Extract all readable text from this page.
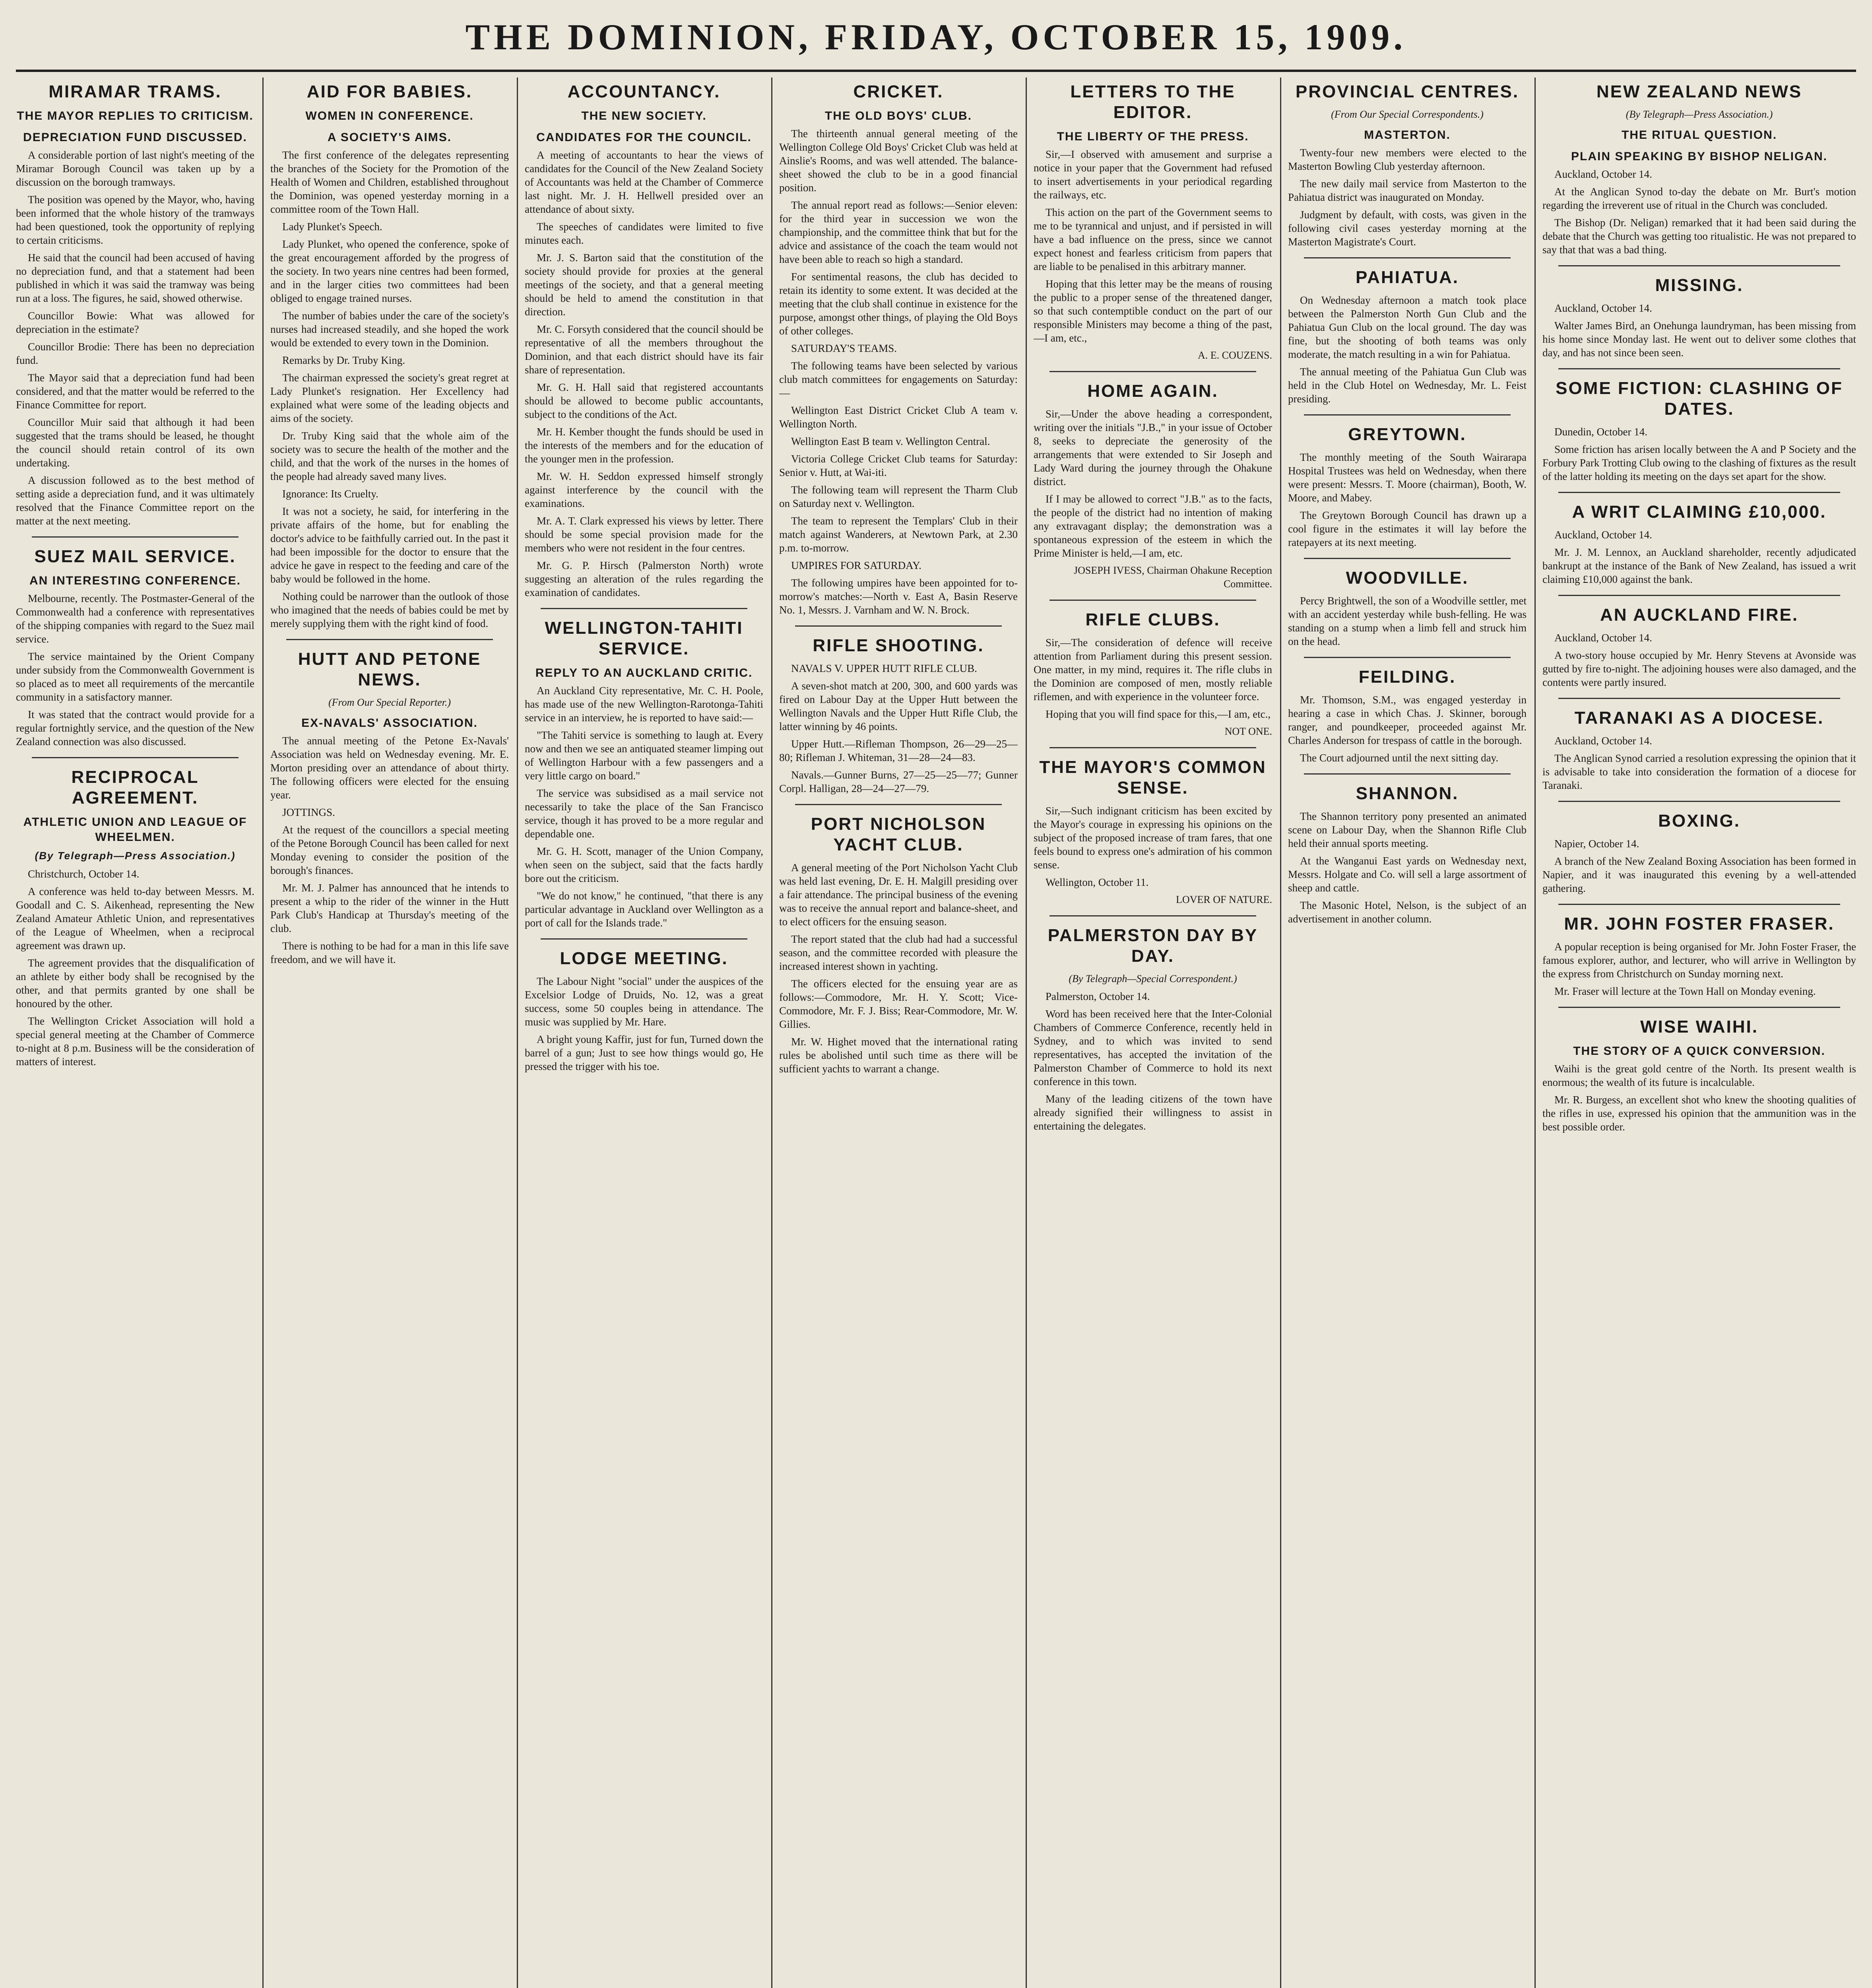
THE DOMINION, FRIDAY, OCTOBER 15, 1909.
MIRAMAR TRAMS.
THE MAYOR REPLIES TO CRITICISM.
DEPRECIATION FUND DISCUSSED.

A considerable portion of last night's meeting of the Miramar Borough Council was taken up by a discussion on the borough tramways.

The position was opened by the Mayor, who, having been informed that the whole history of the tramways had been questioned, took the opportunity of replying to certain criticisms.

He said that the council had been accused of having no depreciation fund, and that a statement had been published in which it was said the tramway was being run at a loss. The figures, he said, showed otherwise.

Councillor Bowie: What was allowed for depreciation in the estimate?

Councillor Brodie: There has been no depreciation fund.

The Mayor said that a depreciation fund had been considered, and that the matter would be referred to the Finance Committee for report.

Councillor Muir said that although it had been suggested that the trams should be leased, he thought the council should retain control of its own undertaking.

A discussion followed as to the best method of setting aside a depreciation fund, and it was ultimately resolved that the Finance Committee report on the matter at the next meeting.

SUEZ MAIL SERVICE.
AN INTERESTING CONFERENCE.

Melbourne, recently. The Postmaster-General of the Commonwealth had a conference with representatives of the shipping companies with regard to the Suez mail service.

The service maintained by the Orient Company under subsidy from the Commonwealth Government is so placed as to meet all requirements of the mercantile community in a satisfactory manner.

It was stated that the contract would provide for a regular fortnightly service, and the question of the New Zealand connection was also discussed.

RECIPROCAL AGREEMENT.
ATHLETIC UNION AND LEAGUE OF WHEELMEN.
(By Telegraph—Press Association.)

Christchurch, October 14.

A conference was held to-day between Messrs. M. Goodall and C. S. Aikenhead, representing the New Zealand Amateur Athletic Union, and representatives of the League of Wheelmen, when a reciprocal agreement was drawn up.

The agreement provides that the disqualification of an athlete by either body shall be recognised by the other, and that permits granted by one shall be honoured by the other.

The Wellington Cricket Association will hold a special general meeting at the Chamber of Commerce to-night at 8 p.m. Business will be the consideration of matters of interest.

AID FOR BABIES.
WOMEN IN CONFERENCE.
A SOCIETY'S AIMS.

The first conference of the delegates representing the branches of the Society for the Promotion of the Health of Women and Children, established throughout the Dominion, was opened yesterday morning in a committee room of the Town Hall.

Lady Plunket's Speech.

Lady Plunket, who opened the conference, spoke of the great encouragement afforded by the progress of the society. In two years nine centres had been formed, and in the larger cities two committees had been obliged to engage trained nurses.

The number of babies under the care of the society's nurses had increased steadily, and she hoped the work would be extended to every town in the Dominion.

Remarks by Dr. Truby King.

The chairman expressed the society's great regret at Lady Plunket's resignation. Her Excellency had explained what were some of the leading objects and aims of the society.

Dr. Truby King said that the whole aim of the society was to secure the health of the mother and the child, and that the work of the nurses in the homes of the people had already saved many lives.

Ignorance: Its Cruelty.

It was not a society, he said, for interfering in the private affairs of the home, but for enabling the doctor's advice to be faithfully carried out. In the past it had been impossible for the doctor to ensure that the advice he gave in respect to the feeding and care of the baby would be followed in the home.

Nothing could be narrower than the outlook of those who imagined that the needs of babies could be met by merely supplying them with the right kind of food.

HUTT AND PETONE NEWS.
(From Our Special Reporter.)
EX-NAVALS' ASSOCIATION.

The annual meeting of the Petone Ex-Navals' Association was held on Wednesday evening. Mr. E. Morton presiding over an attendance of about thirty. The following officers were elected for the ensuing year.

JOTTINGS.

At the request of the councillors a special meeting of the Petone Borough Council has been called for next Monday evening to consider the position of the borough's finances.

Mr. M. J. Palmer has announced that he intends to present a whip to the rider of the winner in the Hutt Park Club's Handicap at Thursday's meeting of the club.

There is nothing to be had for a man in this life save freedom, and we will have it.

ACCOUNTANCY.
THE NEW SOCIETY.
CANDIDATES FOR THE COUNCIL.

A meeting of accountants to hear the views of candidates for the Council of the New Zealand Society of Accountants was held at the Chamber of Commerce last night. Mr. J. H. Hellwell presided over an attendance of about sixty.

The speeches of candidates were limited to five minutes each.

Mr. J. S. Barton said that the constitution of the society should provide for proxies at the general meetings of the society, and that a general meeting should be held to amend the constitution in that direction.

Mr. C. Forsyth considered that the council should be representative of all the members throughout the Dominion, and that each district should have its fair share of representation.

Mr. G. H. Hall said that registered accountants should be allowed to become public accountants, subject to the conditions of the Act.

Mr. H. Kember thought the funds should be used in the interests of the members and for the education of the younger men in the profession.

Mr. W. H. Seddon expressed himself strongly against interference by the council with the examinations.

Mr. A. T. Clark expressed his views by letter. There should be some special provision made for the members who were not resident in the four centres.

Mr. G. P. Hirsch (Palmerston North) wrote suggesting an alteration of the rules regarding the examination of candidates.

WELLINGTON-TAHITI SERVICE.
REPLY TO AN AUCKLAND CRITIC.

An Auckland City representative, Mr. C. H. Poole, has made use of the new Wellington-Rarotonga-Tahiti service in an interview, he is reported to have said:—

"The Tahiti service is something to laugh at. Every now and then we see an antiquated steamer limping out of Wellington Harbour with a few passengers and a very little cargo on board."

The service was subsidised as a mail service not necessarily to take the place of the San Francisco service, though it has proved to be a more regular and dependable one.

Mr. G. H. Scott, manager of the Union Company, when seen on the subject, said that the facts hardly bore out the criticism.

"We do not know," he continued, "that there is any particular advantage in Auckland over Wellington as a port of call for the Islands trade."

LODGE MEETING.

The Labour Night "social" under the auspices of the Excelsior Lodge of Druids, No. 12, was a great success, some 50 couples being in attendance. The music was supplied by Mr. Hare.

A bright young Kaffir, just for fun, Turned down the barrel of a gun; Just to see how things would go, He pressed the trigger with his toe.

CRICKET.
THE OLD BOYS' CLUB.

The thirteenth annual general meeting of the Wellington College Old Boys' Cricket Club was held at Ainslie's Rooms, and was well attended. The balance-sheet showed the club to be in a good financial position.

The annual report read as follows:—Senior eleven: for the third year in succession we won the championship, and the committee think that but for the advice and assistance of the coach the team would not have been able to reach so high a standard.

For sentimental reasons, the club has decided to retain its identity to some extent. It was decided at the meeting that the club shall continue in existence for the purpose, amongst other things, of playing the Old Boys of other colleges.

SATURDAY'S TEAMS.

The following teams have been selected by various club match committees for engagements on Saturday:—

Wellington East District Cricket Club A team v. Wellington North.

Wellington East B team v. Wellington Central.

Victoria College Cricket Club teams for Saturday: Senior v. Hutt, at Wai-iti.

The following team will represent the Tharm Club on Saturday next v. Wellington.

The team to represent the Templars' Club in their match against Wanderers, at Newtown Park, at 2.30 p.m. to-morrow.

UMPIRES FOR SATURDAY.

The following umpires have been appointed for to-morrow's matches:—North v. East A, Basin Reserve No. 1, Messrs. J. Varnham and W. N. Brock.

RIFLE SHOOTING.

NAVALS V. UPPER HUTT RIFLE CLUB.

A seven-shot match at 200, 300, and 600 yards was fired on Labour Day at the Upper Hutt between the Wellington Navals and the Upper Hutt Rifle Club, the latter winning by 46 points.

Upper Hutt.—Rifleman Thompson, 26—29—25—80; Rifleman J. Whiteman, 31—28—24—83.

Navals.—Gunner Burns, 27—25—25—77; Gunner Corpl. Halligan, 28—24—27—79.

PORT NICHOLSON YACHT CLUB.

A general meeting of the Port Nicholson Yacht Club was held last evening, Dr. E. H. Malgill presiding over a fair attendance. The principal business of the evening was to receive the annual report and balance-sheet, and to elect officers for the ensuing season.

The report stated that the club had had a successful season, and the committee recorded with pleasure the increased interest shown in yachting.

The officers elected for the ensuing year are as follows:—Commodore, Mr. H. Y. Scott; Vice-Commodore, Mr. F. J. Biss; Rear-Commodore, Mr. W. Gillies.

Mr. W. Highet moved that the international rating rules be abolished until such time as there will be sufficient yachts to warrant a change.

LETTERS TO THE EDITOR.
THE LIBERTY OF THE PRESS.

Sir,—I observed with amusement and surprise a notice in your paper that the Government had refused to insert advertisements in your periodical regarding the railways, etc.

This action on the part of the Government seems to me to be tyrannical and unjust, and if persisted in will have a bad influence on the press, since we cannot expect honest and fearless criticism from papers that are liable to be penalised in this arbitrary manner.

Hoping that this letter may be the means of rousing the public to a proper sense of the threatened danger, so that such contemptible conduct on the part of our responsible Ministers may become a thing of the past,—I am, etc.,

A. E. COUZENS.
HOME AGAIN.

Sir,—Under the above heading a correspondent, writing over the initials "J.B.," in your issue of October 8, seeks to depreciate the generosity of the arrangements that were extended to Sir Joseph and Lady Ward during the journey through the Ohakune district.

If I may be allowed to correct "J.B." as to the facts, the people of the district had no intention of making any extravagant display; the demonstration was a spontaneous expression of the esteem in which the Prime Minister is held,—I am, etc.

JOSEPH IVESS, Chairman Ohakune Reception Committee.
RIFLE CLUBS.

Sir,—The consideration of defence will receive attention from Parliament during this present session. One matter, in my mind, requires it. The rifle clubs in the Dominion are composed of men, mostly reliable riflemen, and with experience in the volunteer force.

Hoping that you will find space for this,—I am, etc.,

NOT ONE.
THE MAYOR'S COMMON SENSE.

Sir,—Such indignant criticism has been excited by the Mayor's courage in expressing his opinions on the subject of the proposed increase of tram fares, that one feels bound to express one's admiration of his common sense.

Wellington, October 11.

LOVER OF NATURE.
PALMERSTON DAY BY DAY.
(By Telegraph—Special Correspondent.)

Palmerston, October 14.

Word has been received here that the Inter-Colonial Chambers of Commerce Conference, recently held in Sydney, and to which was invited to send representatives, has accepted the invitation of the Palmerston Chamber of Commerce to hold its next conference in this town.

Many of the leading citizens of the town have already signified their willingness to assist in entertaining the delegates.

PROVINCIAL CENTRES.
(From Our Special Correspondents.)
MASTERTON.

Twenty-four new members were elected to the Masterton Bowling Club yesterday afternoon.

The new daily mail service from Masterton to the Pahiatua district was inaugurated on Monday.

Judgment by default, with costs, was given in the following civil cases yesterday morning at the Masterton Magistrate's Court.

PAHIATUA.

On Wednesday afternoon a match took place between the Palmerston North Gun Club and the Pahiatua Gun Club on the local ground. The day was fine, but the shooting of both teams was only moderate, the match resulting in a win for Pahiatua.

The annual meeting of the Pahiatua Gun Club was held in the Club Hotel on Wednesday, Mr. L. Feist presiding.

GREYTOWN.

The monthly meeting of the South Wairarapa Hospital Trustees was held on Wednesday, when there were present: Messrs. T. Moore (chairman), Booth, W. Moore, and Mabey.

The Greytown Borough Council has drawn up a cool figure in the estimates it will lay before the ratepayers at its next meeting.

WOODVILLE.

Percy Brightwell, the son of a Woodville settler, met with an accident yesterday while bush-felling. He was standing on a stump when a limb fell and struck him on the head.

FEILDING.

Mr. Thomson, S.M., was engaged yesterday in hearing a case in which Chas. J. Skinner, borough ranger, and poundkeeper, proceeded against Mr. Charles Anderson for trespass of cattle in the borough.

The Court adjourned until the next sitting day.

SHANNON.

The Shannon territory pony presented an animated scene on Labour Day, when the Shannon Rifle Club held their annual sports meeting.

At the Wanganui East yards on Wednesday next, Messrs. Holgate and Co. will sell a large assortment of sheep and cattle.

The Masonic Hotel, Nelson, is the subject of an advertisement in another column.

NEW ZEALAND NEWS
(By Telegraph—Press Association.)
THE RITUAL QUESTION.
PLAIN SPEAKING BY BISHOP NELIGAN.

Auckland, October 14.

At the Anglican Synod to-day the debate on Mr. Burt's motion regarding the irreverent use of ritual in the Church was concluded.

The Bishop (Dr. Neligan) remarked that it had been said during the debate that the Church was getting too ritualistic. He was not prepared to say that that was a bad thing.

MISSING.

Auckland, October 14.

Walter James Bird, an Onehunga laundryman, has been missing from his home since Monday last. He went out to deliver some clothes that day, and has not since been seen.

SOME FICTION: CLASHING OF DATES.

Dunedin, October 14.

Some friction has arisen locally between the A and P Society and the Forbury Park Trotting Club owing to the clashing of fixtures as the result of the latter holding its meeting on the days set apart for the show.

A WRIT CLAIMING £10,000.

Auckland, October 14.

Mr. J. M. Lennox, an Auckland shareholder, recently adjudicated bankrupt at the instance of the Bank of New Zealand, has issued a writ claiming £10,000 against the bank.

AN AUCKLAND FIRE.

Auckland, October 14.

A two-story house occupied by Mr. Henry Stevens at Avonside was gutted by fire to-night. The adjoining houses were also damaged, and the contents were partly insured.

TARANAKI AS A DIOCESE.

Auckland, October 14.

The Anglican Synod carried a resolution expressing the opinion that it is advisable to take into consideration the formation of a diocese for Taranaki.

BOXING.

Napier, October 14.

A branch of the New Zealand Boxing Association has been formed in Napier, and it was inaugurated this evening by a well-attended gathering.

MR. JOHN FOSTER FRASER.

A popular reception is being organised for Mr. John Foster Fraser, the famous explorer, author, and lecturer, who will arrive in Wellington by the express from Christchurch on Sunday morning next.

Mr. Fraser will lecture at the Town Hall on Monday evening.

WISE WAIHI.
THE STORY OF A QUICK CONVERSION.

Waihi is the great gold centre of the North. Its present wealth is enormous; the wealth of its future is incalculable.

Mr. R. Burgess, an excellent shot who knew the shooting qualities of the rifles in use, expressed his opinion that the ammunition was in the best possible order.
